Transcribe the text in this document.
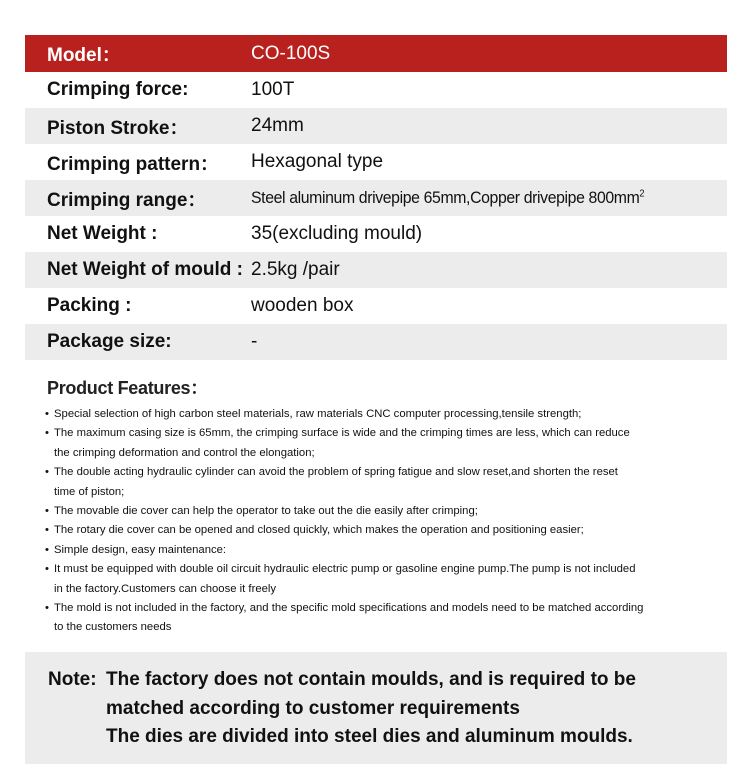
Model：	CO-100S
Crimping force:	100T
Piston Stroke：	24mm
Crimping pattern：	Hexagonal type
Crimping range：	Steel aluminum drivepipe 65mm,Copper drivepipe $800mm^2$
Net Weight :	35(excluding mould)
Net Weight of mould : 2.5kg /pair
Packing :	wooden box
Package size:	-
Product Features：
• Special selection of high carbon steel materials, raw materials CNC computer processing,tensile strength;
• The maximum casing size is 65mm, the crimping surface is wide and the crimping times are less, which can reduce
the crimping deformation and control the elongation;
• The double acting hydraulic cylinder can avoid the problem of spring fatigue and slow reset,and shorten the reset
time of piston;
• The movable die cover can help the operator to take out the die easily after crimping;
• The rotary die cover can be opened and closed quickly, which makes the operation and positioning easier;
• Simple design, easy maintenance:
• It must be equipped with double oil circuit hydraulic electric pump or gasoline engine pump.The pump is not included
in the factory.Customers can choose it freely
• The mold is not included in the factory, and the specific mold specifications and models need to be matched according
to the customers needs
Note: The factory does not contain moulds, and is required to be
matched according to customer requirements
The dies are divided into steel dies and aluminum moulds.
